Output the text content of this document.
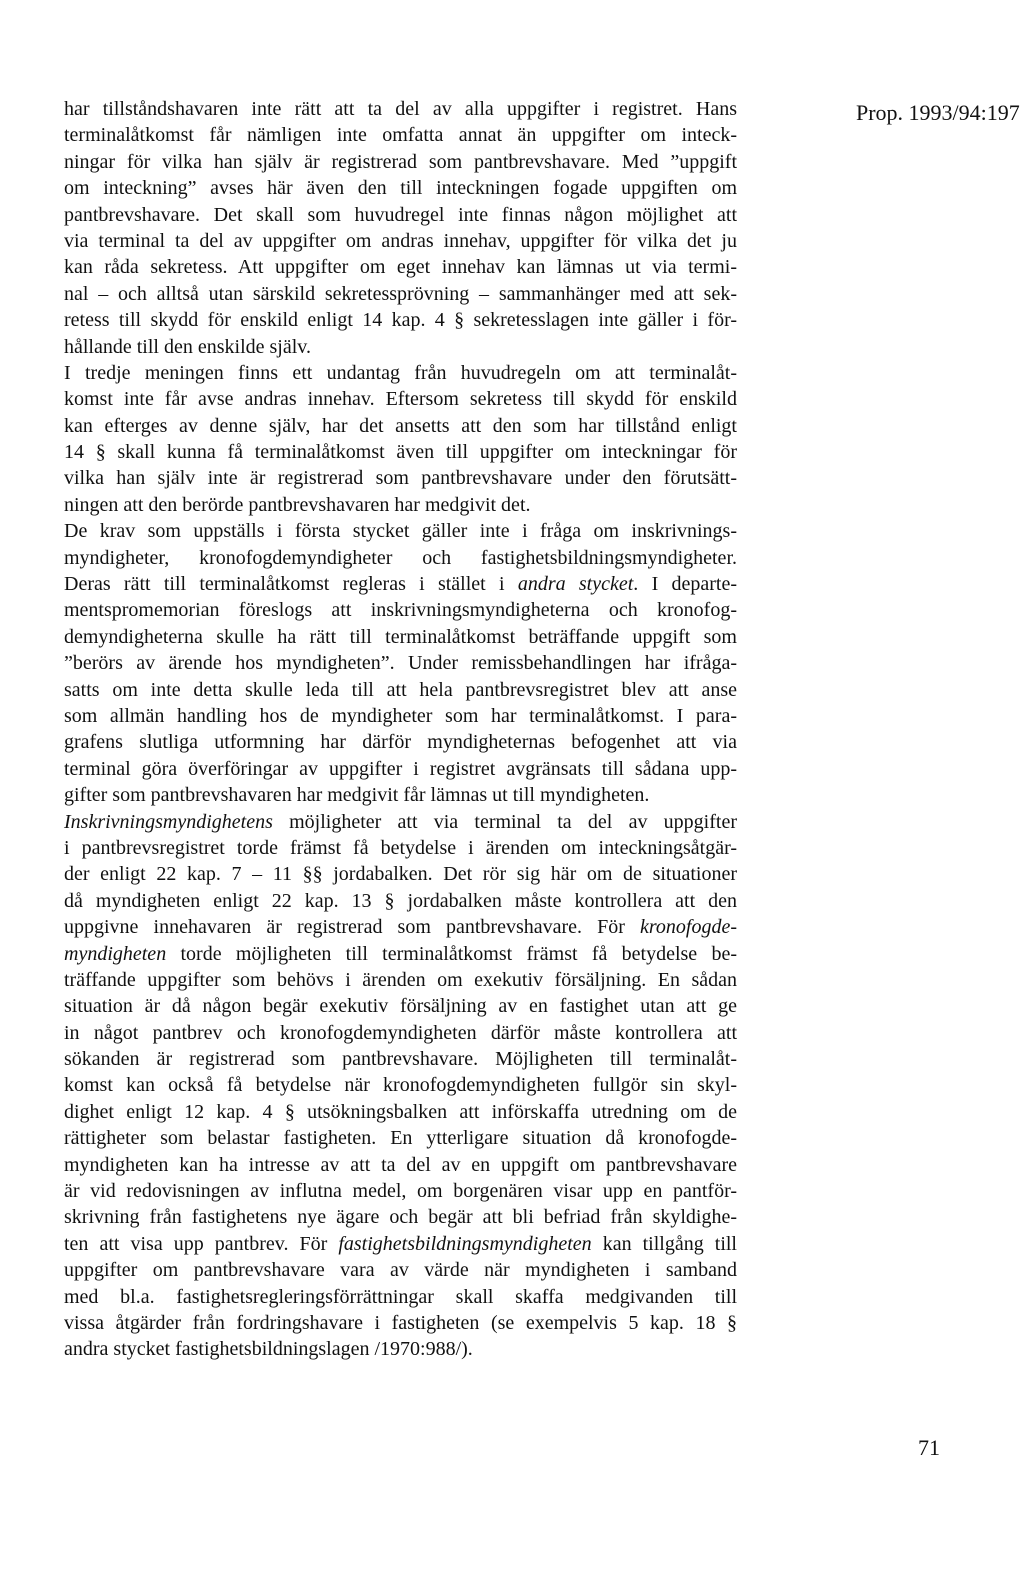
Prop. 1993/94:197
har tillståndshavaren inte rätt att ta del av alla uppgifter i registret. Hans
terminalåtkomst får nämligen inte omfatta annat än uppgifter om inteck-
ningar för vilka han själv är registrerad som pantbrevshavare. Med ”uppgift
om inteckning” avses här även den till inteckningen fogade uppgiften om
pantbrevshavare. Det skall som huvudregel inte finnas någon möjlighet att
via terminal ta del av uppgifter om andras innehav, uppgifter för vilka det ju
kan råda sekretess. Att uppgifter om eget innehav kan lämnas ut via termi-
nal – och alltså utan särskild sekretessprövning – sammanhänger med att sek-
retess till skydd för enskild enligt 14 kap. 4 § sekretesslagen inte gäller i för-
hållande till den enskilde själv.
I tredje meningen finns ett undantag från huvudregeln om att terminalåt-
komst inte får avse andras innehav. Eftersom sekretess till skydd för enskild
kan efterges av denne själv, har det ansetts att den som har tillstånd enligt
14 § skall kunna få terminalåtkomst även till uppgifter om inteckningar för
vilka han själv inte är registrerad som pantbrevshavare under den förutsätt-
ningen att den berörde pantbrevshavaren har medgivit det.
De krav som uppställs i första stycket gäller inte i fråga om inskrivnings-
myndigheter, kronofogdemyndigheter och fastighetsbildningsmyndigheter.
Deras rätt till terminalåtkomst regleras i stället i andra stycket. I departe-
mentspromemorian föreslogs att inskrivningsmyndigheterna och kronofog-
demyndigheterna skulle ha rätt till terminalåtkomst beträffande uppgift som
”berörs av ärende hos myndigheten”. Under remissbehandlingen har ifråga-
satts om inte detta skulle leda till att hela pantbrevsregistret blev att anse
som allmän handling hos de myndigheter som har terminalåtkomst. I para-
grafens slutliga utformning har därför myndigheternas befogenhet att via
terminal göra överföringar av uppgifter i registret avgränsats till sådana upp-
gifter som pantbrevshavaren har medgivit får lämnas ut till myndigheten.
Inskrivningsmyndighetens möjligheter att via terminal ta del av uppgifter
i pantbrevsregistret torde främst få betydelse i ärenden om inteckningsåtgär-
der enligt 22 kap. 7 – 11 §§ jordabalken. Det rör sig här om de situationer
då myndigheten enligt 22 kap. 13 § jordabalken måste kontrollera att den
uppgivne innehavaren är registrerad som pantbrevshavare. För kronofogde-
myndigheten torde möjligheten till terminalåtkomst främst få betydelse be-
träffande uppgifter som behövs i ärenden om exekutiv försäljning. En sådan
situation är då någon begär exekutiv försäljning av en fastighet utan att ge
in något pantbrev och kronofogdemyndigheten därför måste kontrollera att
sökanden är registrerad som pantbrevshavare. Möjligheten till terminalåt-
komst kan också få betydelse när kronofogdemyndigheten fullgör sin skyl-
dighet enligt 12 kap. 4 § utsökningsbalken att införskaffa utredning om de
rättigheter som belastar fastigheten. En ytterligare situation då kronofogde-
myndigheten kan ha intresse av att ta del av en uppgift om pantbrevshavare
är vid redovisningen av influtna medel, om borgenären visar upp en pantför-
skrivning från fastighetens nye ägare och begär att bli befriad från skyldighe-
ten att visa upp pantbrev. För fastighetsbildningsmyndigheten kan tillgång till
uppgifter om pantbrevshavare vara av värde när myndigheten i samband
med bl.a. fastighetsregleringsförrättningar skall skaffa medgivanden till
vissa åtgärder från fordringshavare i fastigheten (se exempelvis 5 kap. 18 §
andra stycket fastighetsbildningslagen /1970:988/).
71
